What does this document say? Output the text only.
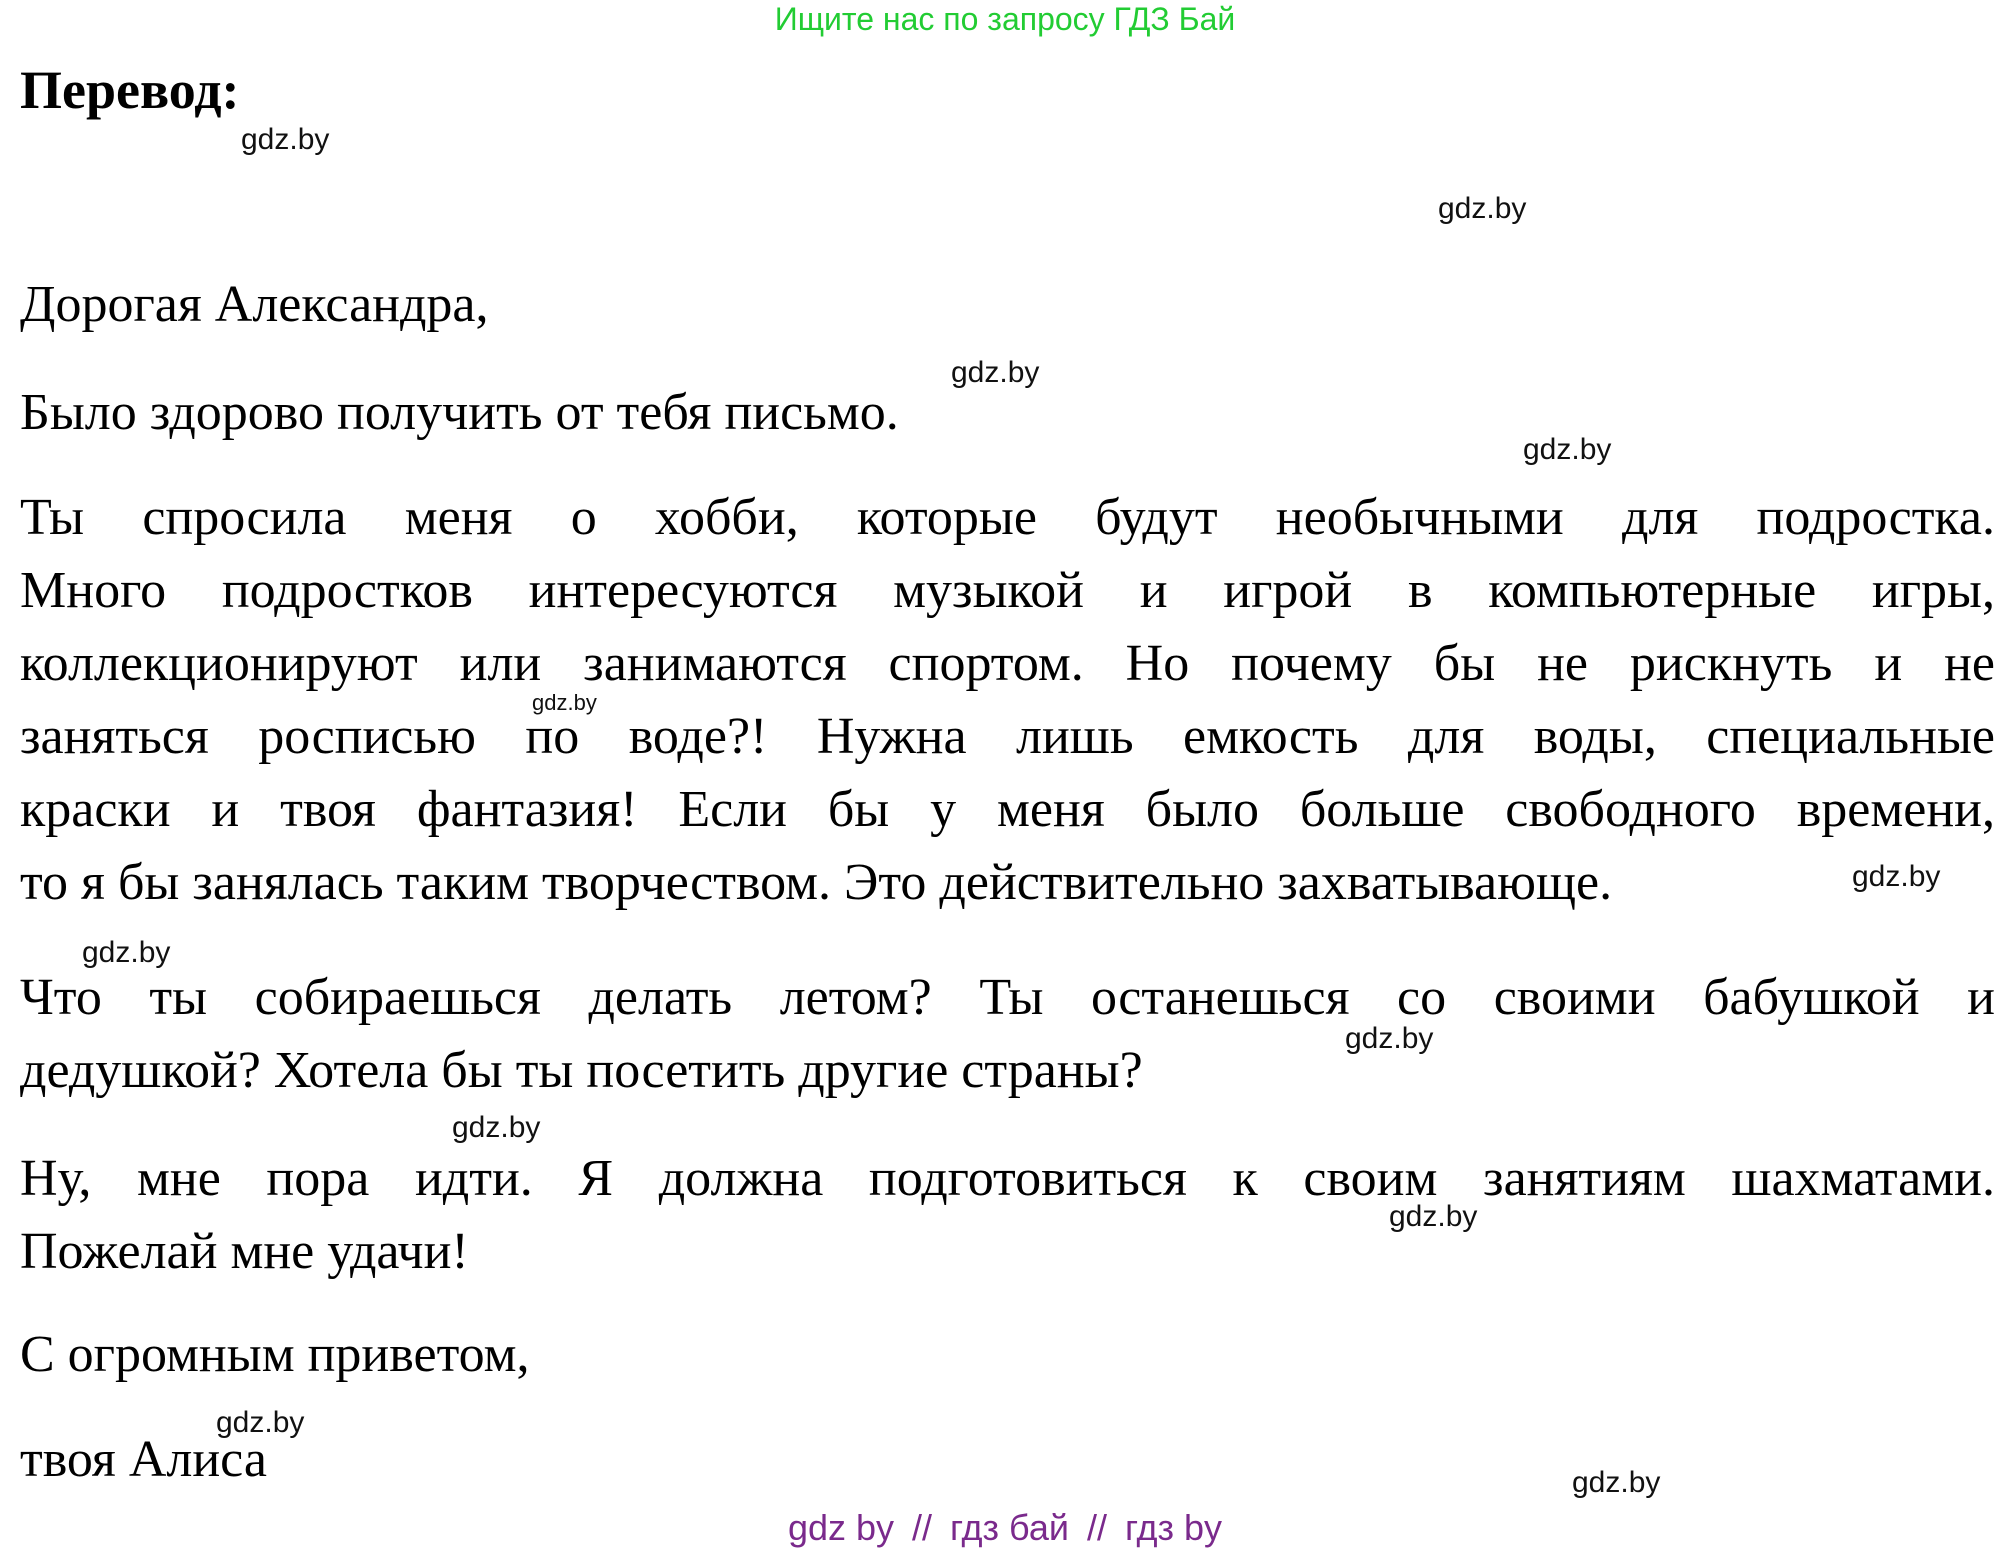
Ищите нас по запросу ГДЗ Бай
Перевод:
gdz.by
gdz.by
gdz.by
gdz.by
gdz.by
gdz.by
gdz.by
gdz.by
gdz.by
gdz.by
gdz.by
gdz.by
Дорогая Александра,
Было здорово получить от тебя письмо.
Ты спросила меня о хобби, которые будут необычными для подростка.
Много подростков интересуются музыкой и игрой в компьютерные игры,
коллекционируют или занимаются спортом. Но почему бы не рискнуть и не
заняться росписью по воде?! Нужна лишь емкость для воды, специальные
краски и твоя фантазия! Если бы у меня было больше свободного времени,
то я бы занялась таким творчеством. Это действительно захватывающе.
Что ты собираешься делать летом? Ты останешься со своими бабушкой и
дедушкой? Хотела бы ты посетить другие страны?
Ну, мне пора идти. Я должна подготовиться к своим занятиям шахматами.
Пожелай мне удачи!
С огромным приветом,
твоя Алиса
gdz by // гдз бай // гдз by
